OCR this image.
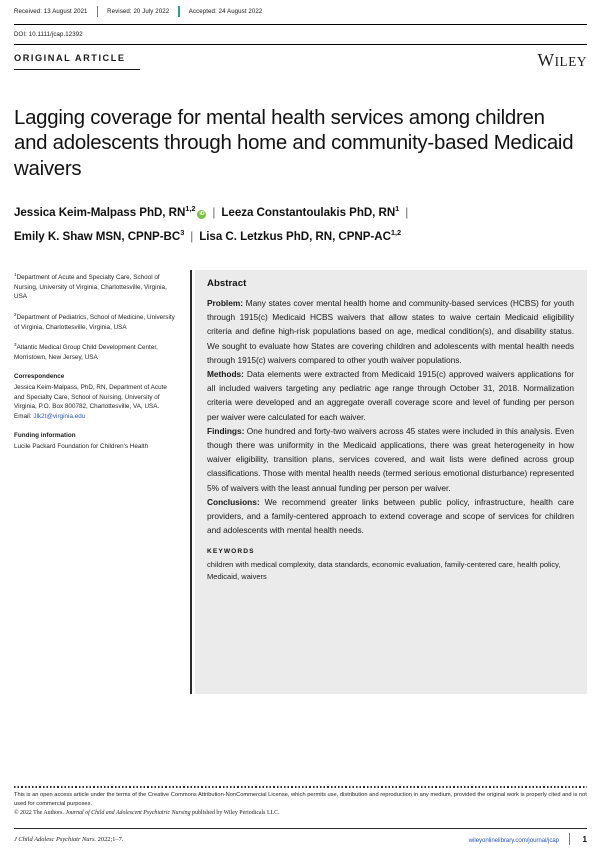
Received: 13 August 2021	Revised: 20 July 2022	Accepted: 24 August 2022
DOI: 10.1111/jcap.12392
ORIGINAL ARTICLE	WILEY
Lagging coverage for mental health services among children and adolescents through home and community-based Medicaid waivers
Jessica Keim-Malpass PhD, RN$^{1,2}$iD | Leeza Constantoulakis PhD, $RN^1$ |
Emily K. Shaw MSN, CPNP-$BC^3$ | Lisa C. Letzkus PhD, RN, CPNP-AC$^{1,2}$
$^1$Department of Acute and Specialty Care, School of Nursing, University of Virginia, Charlottesville, Virginia, USA
$^2$Department of Pediatrics, School of Medicine, University of Virginia, Charlottesville, Virginia, USA
$^3$Atlantic Medical Group Child Development Center, Morristown, New Jersey, USA
Correspondence
Jessica Keim-Malpass, PhD, RN, Department of Acute and Specialty Care, School of Nursing, University of Virginia, P.O. Box 800782, Charlottesville, VA, USA.
Email: Jlk2t@virginia.edu
Funding information
Lucile Packard Foundation for Children's Health
Abstract

Problem: Many states cover mental health home and community-based services (HCBS) for youth through 1915(c) Medicaid HCBS waivers that allow states to waive certain Medicaid eligibility criteria and define high-risk populations based on age, medical condition(s), and disability status. We sought to evaluate how States are covering children and adolescents with mental health needs through 1915(c) waivers compared to other youth waiver populations.

Methods: Data elements were extracted from Medicaid 1915(c) approved waivers applications for all included waivers targeting any pediatric age range through October 31, 2018. Normalization criteria were developed and an aggregate overall coverage score and level of funding per person per waiver were calculated for each waiver.

Findings: One hundred and forty-two waivers across 45 states were included in this analysis. Even though there was uniformity in the Medicaid applications, there was great heterogeneity in how waiver eligibility, transition plans, services covered, and wait lists were defined across group classifications. Those with mental health needs (termed serious emotional disturbance) represented 5% of waivers with the least annual funding per person per waiver.

Conclusions: We recommend greater links between public policy, infrastructure, health care providers, and a family-centered approach to extend coverage and scope of services for children and adolescents with mental health needs.

KEYWORDS
children with medical complexity, data standards, economic evaluation, family-centered care, health policy, Medicaid, waivers
This is an open access article under the terms of the Creative Commons Attribution-NonCommercial License, which permits use, distribution and reproduction in any medium, provided the original work is properly cited and is not used for commercial purposes.
© 2022 The Authors. Journal of Child and Adolescent Psychiatric Nursing published by Wiley Periodicals LLC.
J Child Adolesc Psychiatr Nurs. 2022;1–7.	wileyonlinelibrary.com/journal/jcap	1
